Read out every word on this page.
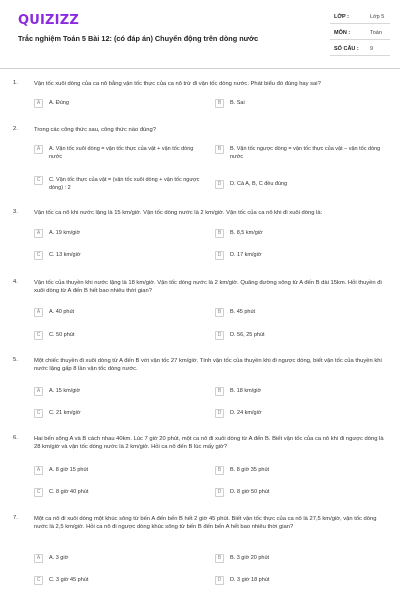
QUIZIZZ
Trắc nghiệm Toán 5 Bài 12: (có đáp án) Chuyển động trên dòng nước
LỚP :	Lớp 5
MÔN :	Toán
SỐ CÂU : 9
1.	Vận tốc xuôi dòng của ca nô bằng vận tốc thực của ca nô trừ đi vận tốc dòng nước. Phát biểu đó đúng hay sai?
A	A. Đúng	B	B. Sai
2.	Trong các công thức sau, công thức nào đúng?
A	A. Vận tốc xuôi dòng = vận tốc thực của vật + vận tốc dòng nước
B	B. Vận tốc ngược dòng = vận tốc thực của vật – vận tốc dòng nước
C	C. Vận tốc thực của vật = (vận tốc xuôi dòng + vận tốc ngược dòng) : 2
D	D. Cả A, B, C đều đúng
3.	Vận tốc ca nô khi nước lặng là 15 km/giờ. Vận tốc dòng nước là 2 km/giờ. Vận tốc của ca nô khi đi xuôi dòng là:
A	A. 19 km/giờ	B	B. 8,5 km/giờ
C	C. 13 km/giờ	D	D. 17 km/giờ
4.	Vận tốc của thuyền khi nước lặng là 18 km/giờ. Vận tốc dòng nước là 2 km/giờ. Quãng đường sông từ A đến B dài 15km. Hỏi thuyền đi xuôi dòng từ A đến B hết bao nhiêu thời gian?
A	A. 40 phút	B	B. 45 phút
C	C. 50 phút	D	D. 56, 25 phút
5.	Một chiếc thuyền đi xuôi dòng từ A đến B với vận tốc 27 km/giờ. Tính vận tốc của thuyền khi đi ngược dòng, biết vận tốc của thuyền khi nước lặng gấp 8 lần vận tốc dòng nước.
A	A. 15 km/giờ	B	B. 18 km/giờ
C	C. 21 km/giờ	D	D. 24 km/giờ
6.	Hai bến sông A và B cách nhau 40km. Lúc 7 giờ 20 phút, một ca nô đi xuôi dòng từ A đến B. Biết vận tốc của ca nô khi đi ngược dòng là 28 km/giờ và vận tốc dòng nước là 2 km/giờ. Hỏi ca nô đến B lúc mấy giờ?
A	A. 8 giờ 15 phút	B	B. 8 giờ 35 phút
C	C. 8 giờ 40 phút	D	D. 8 giờ 50 phút
7.	Một ca nô đi xuôi dòng một khúc sông từ bến A đến bến B hết 2 giờ 45 phút. Biết vận tốc thực của ca nô là 27,5 km/giờ, vận tốc dòng nước là 2,5 km/giờ. Hỏi ca nô đi ngược dòng khúc sông từ bến B đến bến A hết bao nhiêu thời gian?
A	A. 3 giờ	B	B. 3 giờ 20 phút
C	C. 3 giờ 45 phút	D	D. 3 giờ 18 phút
